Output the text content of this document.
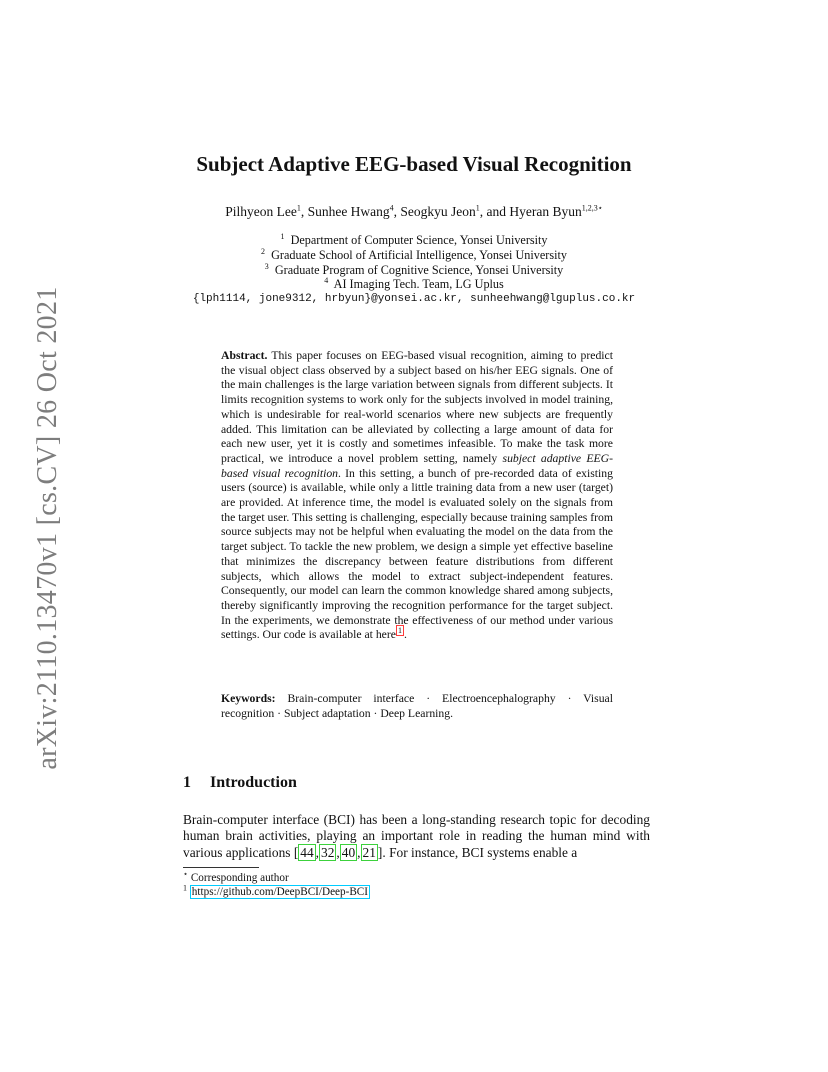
arXiv:2110.13470v1 [cs.CV] 26 Oct 2021
Subject Adaptive EEG-based Visual Recognition
Pilhyeon Lee$^1$, Sunhee Hwang$^4$, Seogkyu Jeon$^1$, and Hyeran Byun$^{1,2,3⋆}$
$^1$ Department of Computer Science, Yonsei University
$^2$ Graduate School of Artificial Intelligence, Yonsei University
$^3$ Graduate Program of Cognitive Science, Yonsei University
$^4$ AI Imaging Tech. Team, LG Uplus
{lph1114, jone9312, hrbyun}@yonsei.ac.kr, sunheehwang@lguplus.co.kr
Abstract. This paper focuses on EEG-based visual recognition, aiming to predict the visual object class observed by a subject based on his/her EEG signals. One of the main challenges is the large variation between signals from different subjects. It limits recognition systems to work only for the subjects involved in model training, which is undesirable for real-world scenarios where new subjects are frequently added. This limitation can be alleviated by collecting a large amount of data for each new user, yet it is costly and sometimes infeasible. To make the task more practical, we introduce a novel problem setting, namely subject adaptive EEG-based visual recognition. In this setting, a bunch of pre-recorded data of existing users (source) is available, while only a little training data from a new user (target) are provided. At inference time, the model is evaluated solely on the signals from the target user. This setting is challenging, especially because training samples from source subjects may not be helpful when evaluating the model on the data from the target subject. To tackle the new problem, we design a simple yet effective baseline that minimizes the discrepancy between feature distributions from different subjects, which allows the model to extract subject-independent features. Consequently, our model can learn the common knowledge shared among subjects, thereby significantly improving the recognition performance for the target subject. In the experiments, we demonstrate the effectiveness of our method under various settings. Our code is available at here $^1$ .
Keywords: Brain-computer interface · Electroencephalography · Visual recognition · Subject adaptation · Deep Learning.
1 Introduction
Brain-computer interface (BCI) has been a long-standing research topic for decoding human brain activities, playing an important role in reading the human mind with various applications [ 44 , 32 , 40 , 21 ]. For instance, BCI systems enable a
⋆ Corresponding author
$^1$ https://github.com/DeepBCI/Deep-BCI
